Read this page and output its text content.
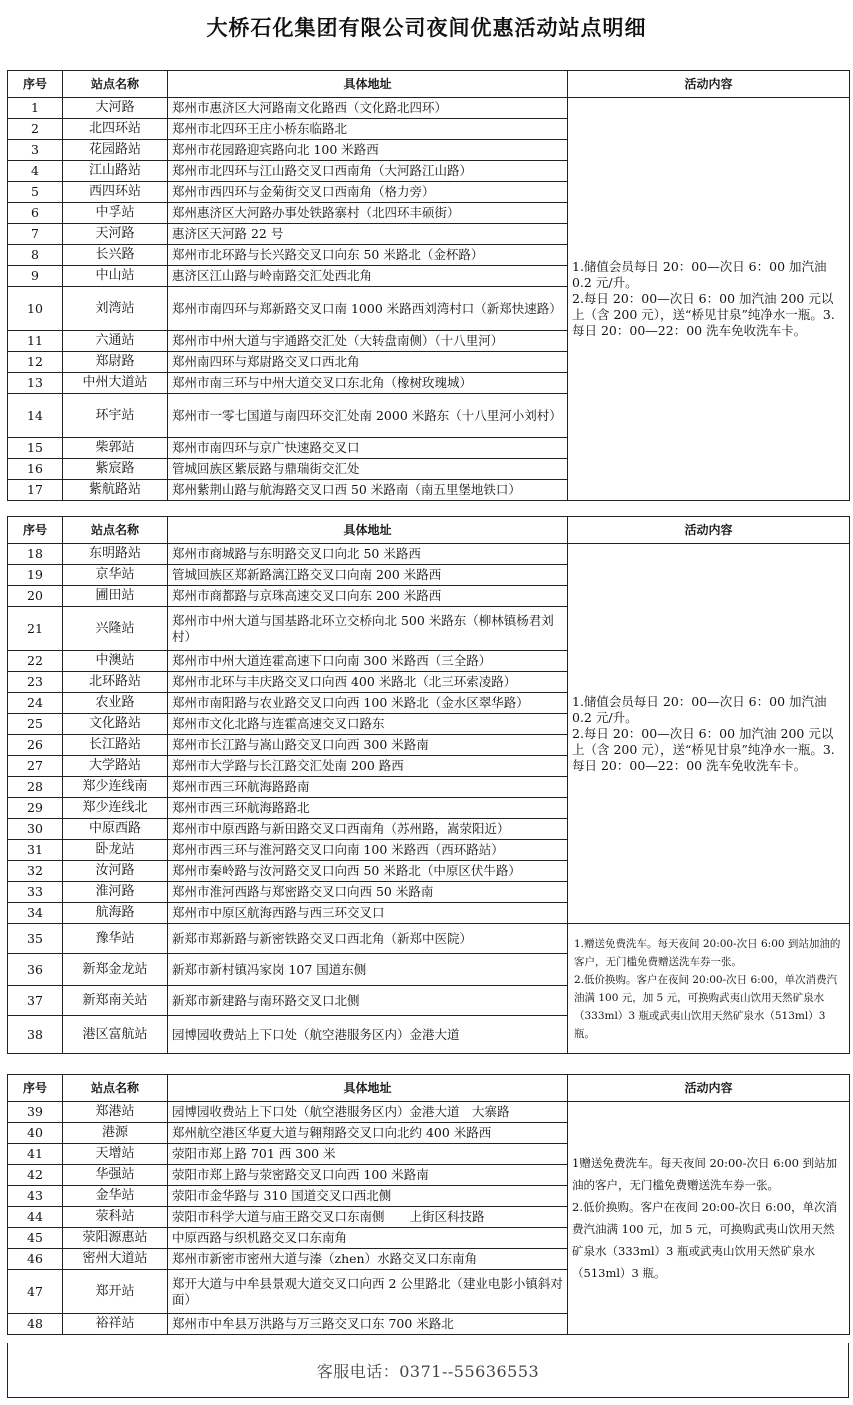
大桥石化集团有限公司夜间优惠活动站点明细
序号	站点名称	具体地址	活动内容
1	大河路	郑州市惠济区大河路南文化路西（文化路北四环）	1.储值会员每日 20：00—次日 6：00 加汽油 0.2 元/升。
2.每日 20：00—次日 6：00 加汽油 200 元以上（含 200 元），送“桥见甘泉”纯净水一瓶。3.每日 20：00—22：00 洗车免收洗车卡。

2	北四环站	郑州市北四环王庄小桥东临路北	
3	花园路站	郑州市花园路迎宾路向北 100 米路西	
4	江山路站	郑州市北四环与江山路交叉口西南角（大河路江山路）	
5	西四环站	郑州市西四环与金菊街交叉口西南角（格力旁）	
6	中孚站	郑州惠济区大河路办事处铁路寨村（北四环丰硕街）	
7	天河路	惠济区天河路 22 号	
8	长兴路	郑州市北环路与长兴路交叉口向东 50 米路北（金杯路）	
9	中山站	惠济区江山路与岭南路交汇处西北角	
10	刘湾站	郑州市南四环与郑新路交叉口南 1000 米路西刘湾村口（新郑快速路）	
11	六通站	郑州市中州大道与宇通路交汇处（大转盘南侧）（十八里河）	
12	郑尉路	郑州南四环与郑尉路交叉口西北角	
13	中州大道站	郑州市南三环与中州大道交叉口东北角（橡树玫瑰城）	
14	环宇站	郑州市一零七国道与南四环交汇处南 2000 米路东（十八里河小刘村）	
15	柴郭站	郑州市南四环与京广快速路交叉口	
16	紫宸路	管城回族区紫辰路与鼎瑞街交汇处	
17	紫航路站	郑州紫荆山路与航海路交叉口西 50 米路南（南五里堡地铁口）	
序号	站点名称	具体地址	活动内容
18	东明路站	郑州市商城路与东明路交叉口向北 50 米路西	1.储值会员每日 20：00—次日 6：00 加汽油 0.2 元/升。
2.每日 20：00—次日 6：00 加汽油 200 元以上（含 200 元），送“桥见甘泉”纯净水一瓶。3.每日 20：00—22：00 洗车免收洗车卡。

19	京华站	管城回族区郑新路漓江路交叉口向南 200 米路西	
20	圃田站	郑州市商都路与京珠高速交叉口向东 200 米路西	
21	兴隆站	郑州市中州大道与国基路北环立交桥向北 500 米路东（柳林镇杨君刘村）	
22	中澳站	郑州市中州大道连霍高速下口向南 300 米路西（三全路）	
23	北环路站	郑州市北环与丰庆路交叉口向西 400 米路北（北三环索凌路）	
24	农业路	郑州市南阳路与农业路交叉口向西 100 米路北（金水区翠华路）	
25	文化路站	郑州市文化北路与连霍高速交叉口路东	
26	长江路站	郑州市长江路与嵩山路交叉口向西 300 米路南	
27	大学路站	郑州市大学路与长江路交汇处南 200 路西	
28	郑少连线南	郑州市西三环航海路路南	
29	郑少连线北	郑州市西三环航海路路北	
30	中原西路	郑州市中原西路与新田路交叉口西南角（苏州路，嵩荥阳近）	
31	卧龙站	郑州市西三环与淮河路交叉口向南 100 米路西（西环路站）	
32	汝河路	郑州市秦岭路与汝河路交叉口向西 50 米路北（中原区伏牛路）	
33	淮河路	郑州市淮河西路与郑密路交叉口向西 50 米路南	
34	航海路	郑州市中原区航海西路与西三环交叉口	
35	豫华站	新郑市郑新路与新密铁路交叉口西北角（新郑中医院）	1.赠送免费洗车。每天夜间 20:00-次日 6:00 到站加油的客户，无门槛免费赠送洗车券一张。
2.低价换购。客户在夜间 20:00-次日 6:00，单次消费汽油满 100 元，加 5 元，可换购武夷山饮用天然矿泉水（333ml）3 瓶或武夷山饮用天然矿泉水（513ml）3 瓶。

36	新郑金龙站	新郑市新村镇冯家岗 107 国道东侧	
37	新郑南关站	新郑市新建路与南环路交叉口北侧	
38	港区富航站	园博园收费站上下口处（航空港服务区内）金港大道	
序号	站点名称	具体地址	活动内容
39	郑港站	园博园收费站上下口处（航空港服务区内）金港大道　大寨路	1赠送免费洗车。每天夜间 20:00-次日 6:00 到站加油的客户，无门槛免费赠送洗车券一张。
2.低价换购。客户在夜间 20:00-次日 6:00，单次消费汽油满 100 元，加 5 元，可换购武夷山饮用天然矿泉水（333ml）3 瓶或武夷山饮用天然矿泉水（513ml）3 瓶。

40	港源	郑州航空港区华夏大道与翱翔路交叉口向北约 400 米路西	
41	天增站	荥阳市郑上路 701 西 300 米	
42	华强站	荥阳市郑上路与荥密路交叉口向西 100 米路南	
43	金华站	荥阳市金华路与 310 国道交叉口西北侧	
44	荥科站	荥阳市科学大道与庙王路交叉口东南侧　　上街区科技路	
45	荥阳源惠站	中原西路与织机路交叉口东南角	
46	密州大道站	郑州市新密市密州大道与溱（zhen）水路交叉口东南角	
47	郑开站	郑开大道与中牟县景观大道交叉口向西 2 公里路北（建业电影小镇斜对面）	
48	裕祥站	郑州市中牟县万洪路与万三路交叉口东 700 米路北	
客服电话：0371--55636553
